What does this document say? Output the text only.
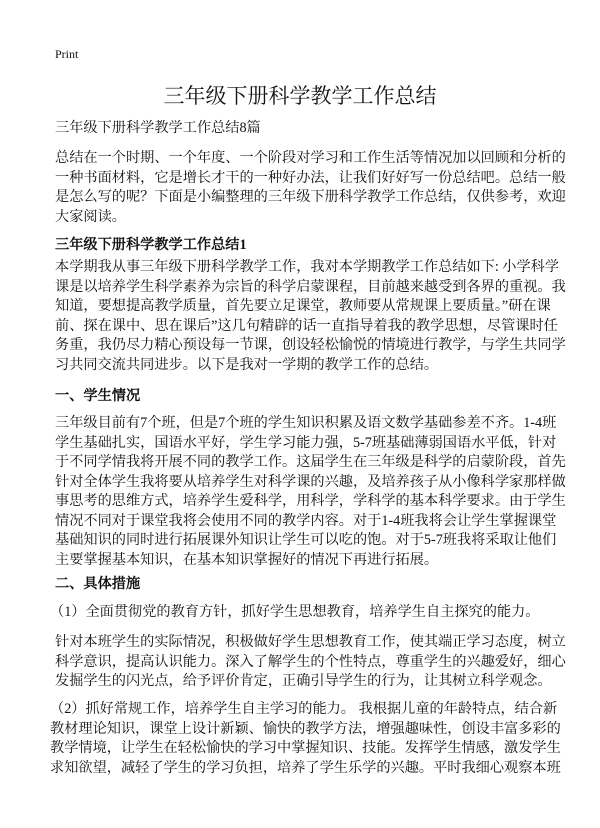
Print
三年级下册科学教学工作总结
三年级下册科学教学工作总结8篇
总结在一个时期、一个年度、一个阶段对学习和工作生活等情况加以回顾和分析的
一种书面材料，它是增长才干的一种好办法，让我们好好写一份总结吧。总结一般
是怎么写的呢？下面是小编整理的三年级下册科学教学工作总结，仅供参考，欢迎
大家阅读。
三年级下册科学教学工作总结1
本学期我从事三年级下册科学教学工作，我对本学期教学工作总结如下: 小学科学
课是以培养学生科学素养为宗旨的科学启蒙课程，目前越来越受到各界的重视。我
知道，要想提高教学质量，首先要立足课堂，教师要从常规课上要质量。”研在课
前、探在课中、思在课后”这几句精辟的话一直指导着我的教学思想，尽管课时任
务重，我仍尽力精心预设每一节课，创设轻松愉悦的情境进行教学，与学生共同学
习共同交流共同进步。以下是我对一学期的教学工作的总结。
一、学生情况
三年级目前有7个班，但是7个班的学生知识积累及语文数学基础参差不齐。1-4班
学生基础扎实，国语水平好，学生学习能力强，5-7班基础薄弱国语水平低，针对
于不同学情我将开展不同的教学工作。这届学生在三年级是科学的启蒙阶段，首先
针对全体学生我将要从培养学生对科学课的兴趣，及培养孩子从小像科学家那样做
事思考的思维方式，培养学生爱科学，用科学，学科学的基本科学要求。由于学生
情况不同对于课堂我将会使用不同的教学内容。对于1-4班我将会让学生掌握课堂
基础知识的同时进行拓展课外知识让学生可以吃的饱。对于5-7班我将采取让他们
主要掌握基本知识，在基本知识掌握好的情况下再进行拓展。
二、具体措施
（1）全面贯彻党的教育方针，抓好学生思想教育，培养学生自主探究的能力。
针对本班学生的实际情况，积极做好学生思想教育工作，使其端正学习态度，树立
科学意识，提高认识能力。深入了解学生的个性特点，尊重学生的兴趣爱好，细心
发掘学生的闪光点，给予评价肯定，正确引导学生的行为，让其树立科学观念。
（2）抓好常规工作，培养学生自主学习的能力。 我根据儿童的年龄特点，结合新
教材理论知识，课堂上设计新颖、愉快的教学方法，增强趣味性，创设丰富多彩的
教学情境，让学生在轻松愉快的学习中掌握知识、技能。发挥学生情感，激发学生
求知欲望，减轻了学生的学习负担，培养了学生乐学的兴趣。平时我细心观察本班
